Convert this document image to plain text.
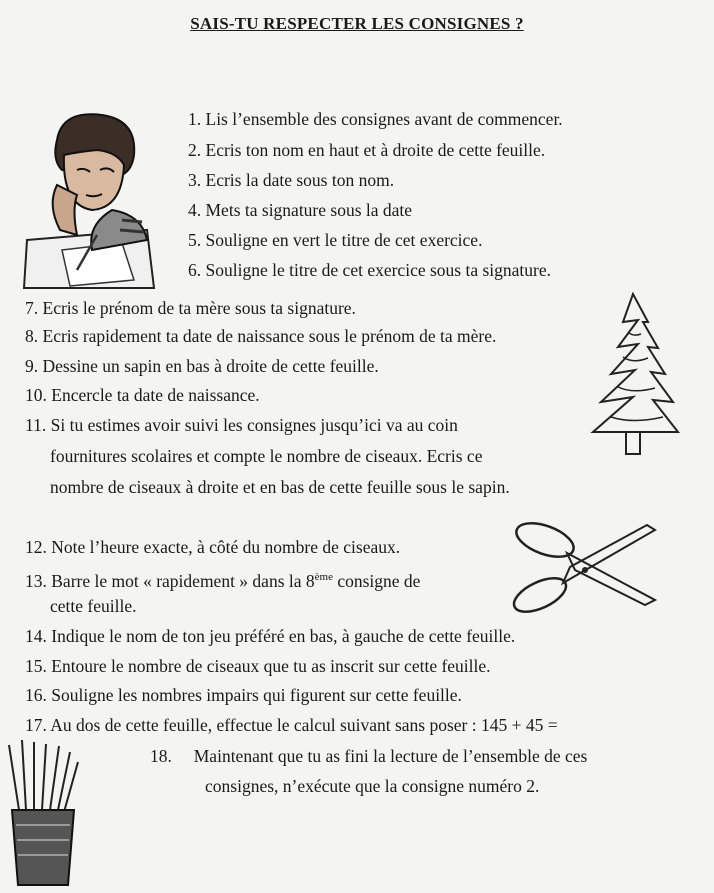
SAIS-TU RESPECTER LES CONSIGNES ?
1. Lis l’ensemble des consignes avant de commencer.
2. Ecris ton nom en haut et à droite de cette feuille.
3. Ecris la date sous ton nom.
4. Mets ta signature sous la date
5. Souligne en vert le titre de cet exercice.
6. Souligne le titre de cet exercice sous ta signature.
7. Ecris le prénom de ta mère sous ta signature.
8. Ecris rapidement ta date de naissance sous le prénom de ta mère.
9. Dessine un sapin en bas à droite de cette feuille.
10. Encercle ta date de naissance.
11. Si tu estimes avoir suivi les consignes jusqu’ici va au coin
fournitures scolaires et compte le nombre de ciseaux. Ecris ce
nombre de ciseaux à droite et en bas de cette feuille sous le sapin.
12. Note l’heure exacte, à côté du nombre de ciseaux.
13. Barre le mot « rapidement » dans la 8ème consigne de
cette feuille.
14. Indique le nom de ton jeu préféré en bas, à gauche de cette feuille.
15. Entoure le nombre de ciseaux que tu as inscrit sur cette feuille.
16. Souligne les nombres impairs qui figurent sur cette feuille.
17. Au dos de cette feuille, effectue le calcul suivant sans poser : 145 + 45 =
18. Maintenant que tu as fini la lecture de l’ensemble de ces
consignes, n’exécute que la consigne numéro 2.
